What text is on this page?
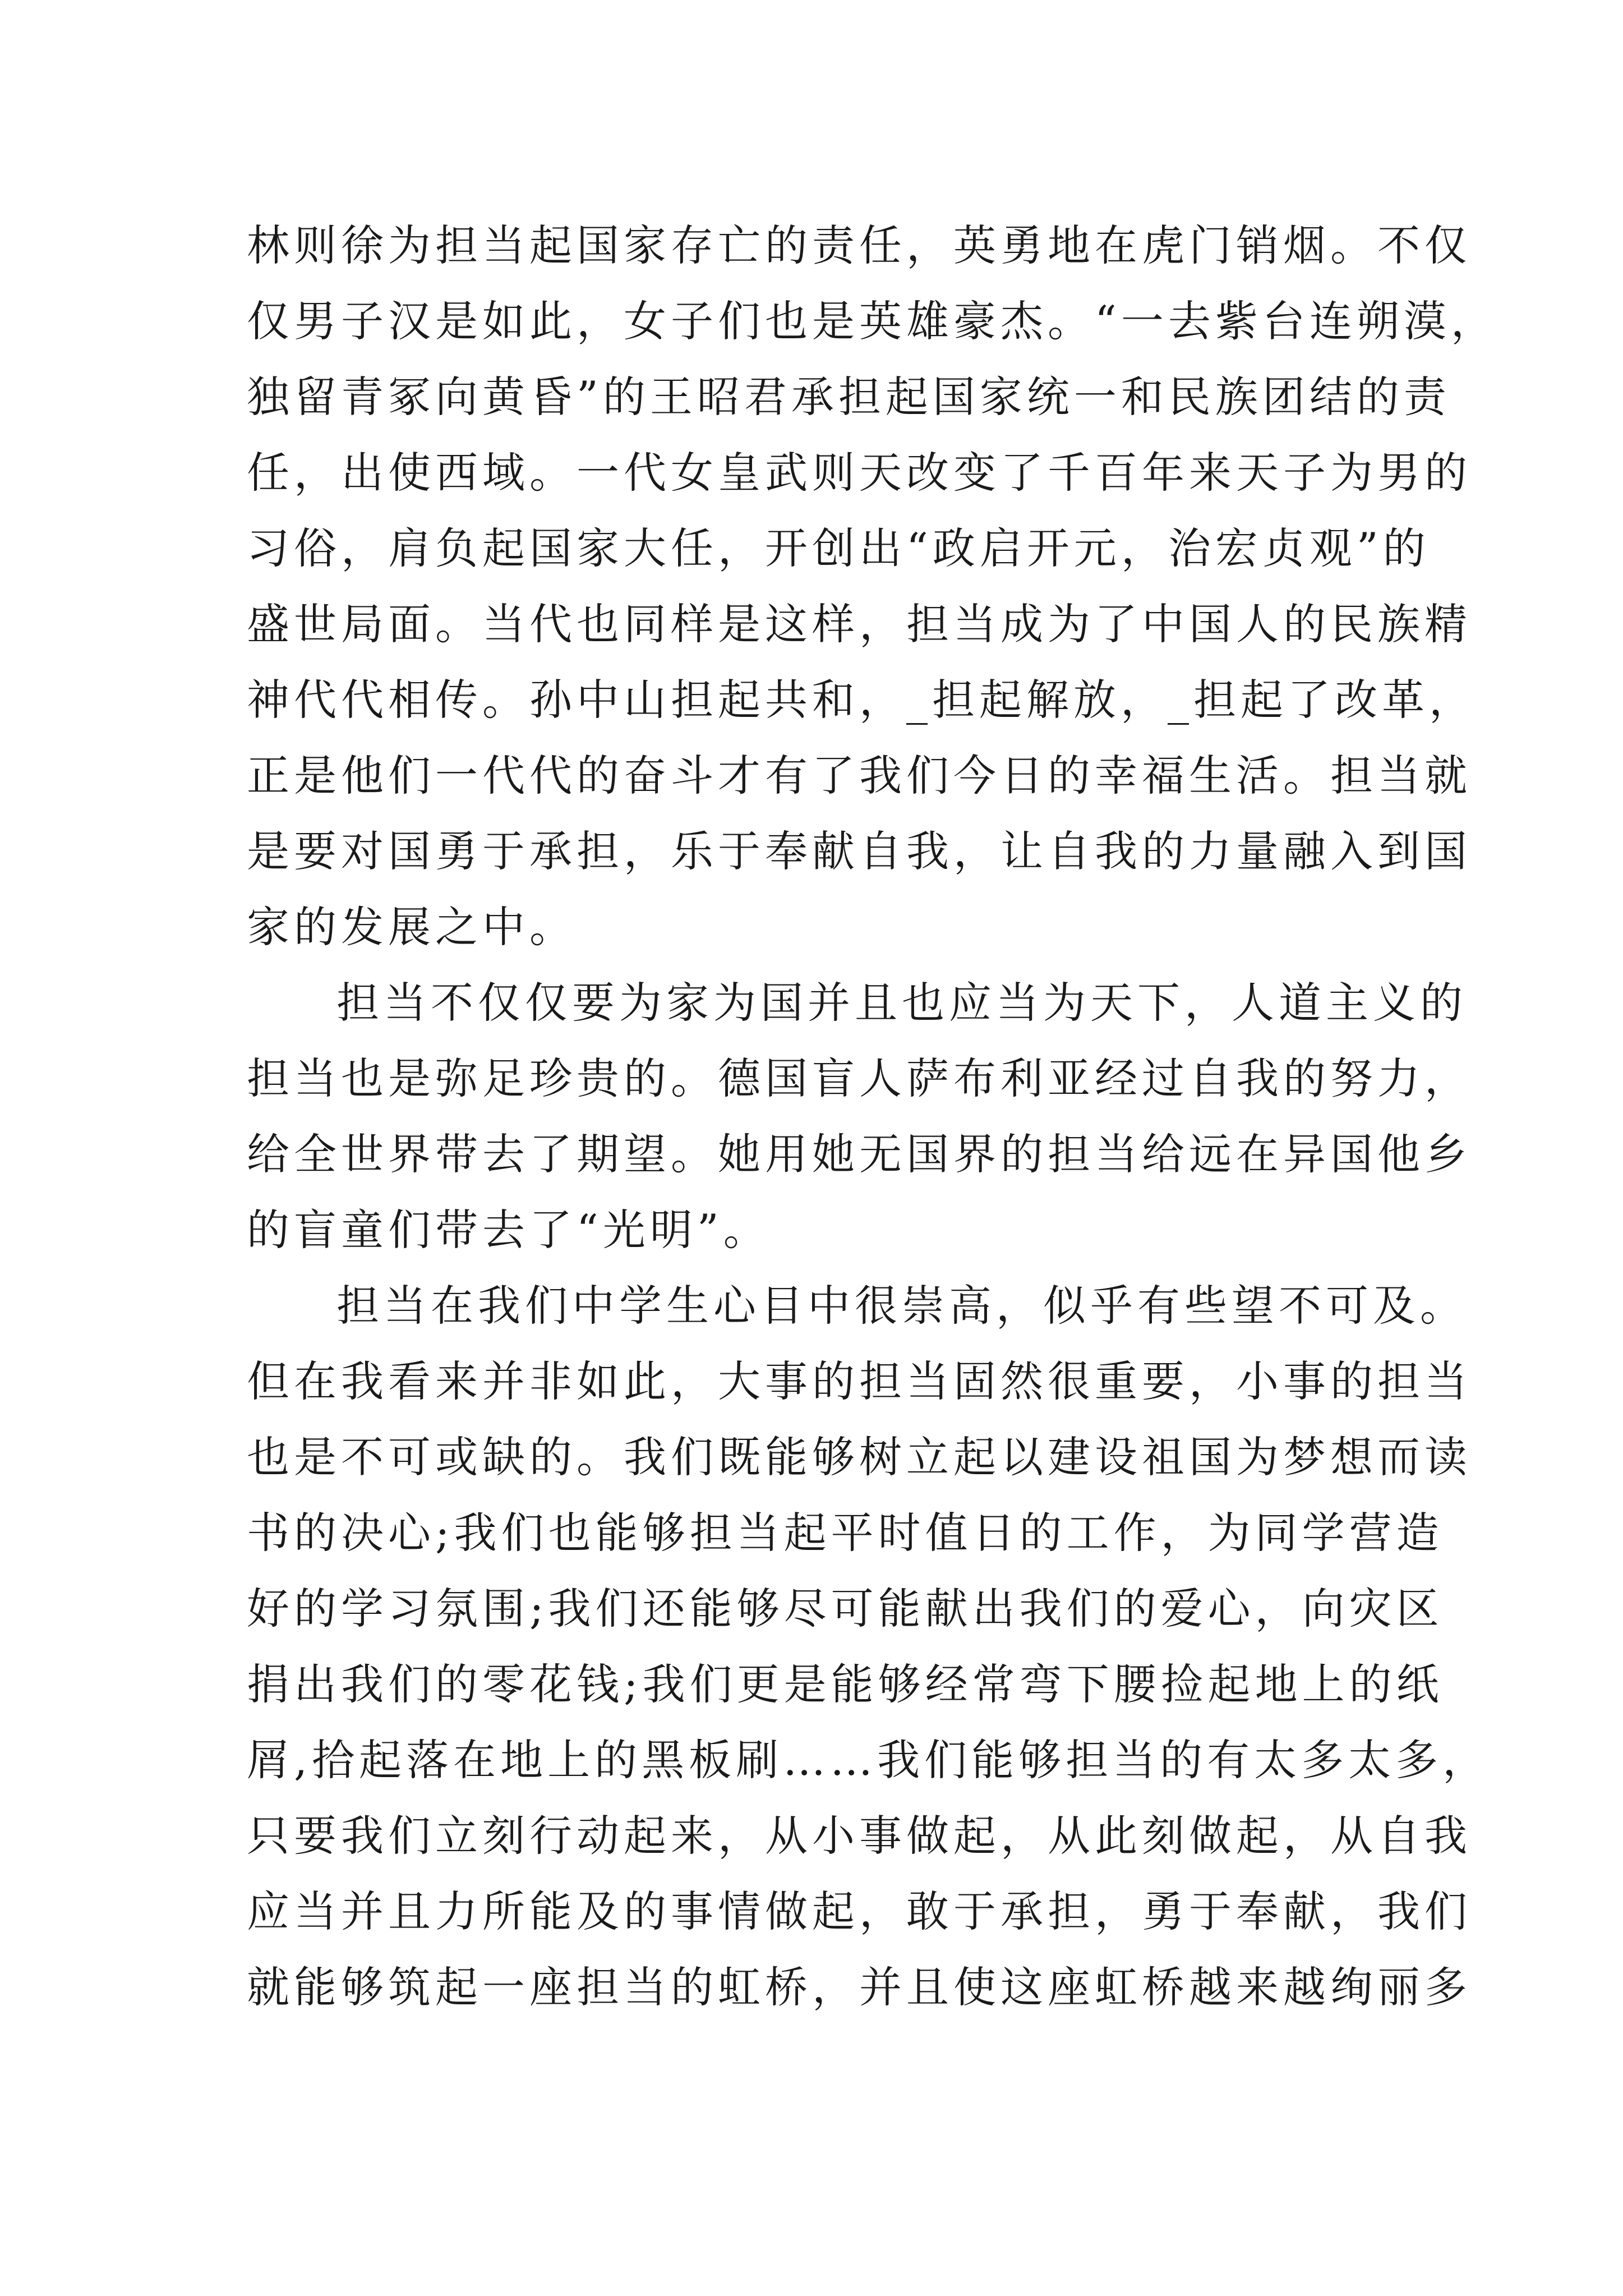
林则徐为担当起国家存亡的责任，英勇地在虎门销烟。不仅
仅男子汉是如此，女子们也是英雄豪杰。“一去紫台连朔漠，
独留青冢向黄昏”的王昭君承担起国家统一和民族团结的责
任，出使西域。一代女皇武则天改变了千百年来天子为男的
习俗，肩负起国家大任，开创出“政启开元，治宏贞观”的
盛世局面。当代也同样是这样，担当成为了中国人的民族精
神代代相传。孙中山担起共和，_担起解放，_担起了改革，
正是他们一代代的奋斗才有了我们今日的幸福生活。担当就
是要对国勇于承担，乐于奉献自我，让自我的力量融入到国
家的发展之中。
担当不仅仅要为家为国并且也应当为天下，人道主义的
担当也是弥足珍贵的。德国盲人萨布利亚经过自我的努力，
给全世界带去了期望。她用她无国界的担当给远在异国他乡
的盲童们带去了“光明”。
担当在我们中学生心目中很崇高，似乎有些望不可及。
但在我看来并非如此，大事的担当固然很重要，小事的担当
也是不可或缺的。我们既能够树立起以建设祖国为梦想而读
书的决心;我们也能够担当起平时值日的工作，为同学营造
好的学习氛围;我们还能够尽可能献出我们的爱心，向灾区
捐出我们的零花钱;我们更是能够经常弯下腰捡起地上的纸
屑,拾起落在地上的黑板刷……我们能够担当的有太多太多，
只要我们立刻行动起来，从小事做起，从此刻做起，从自我
应当并且力所能及的事情做起，敢于承担，勇于奉献，我们
就能够筑起一座担当的虹桥，并且使这座虹桥越来越绚丽多
